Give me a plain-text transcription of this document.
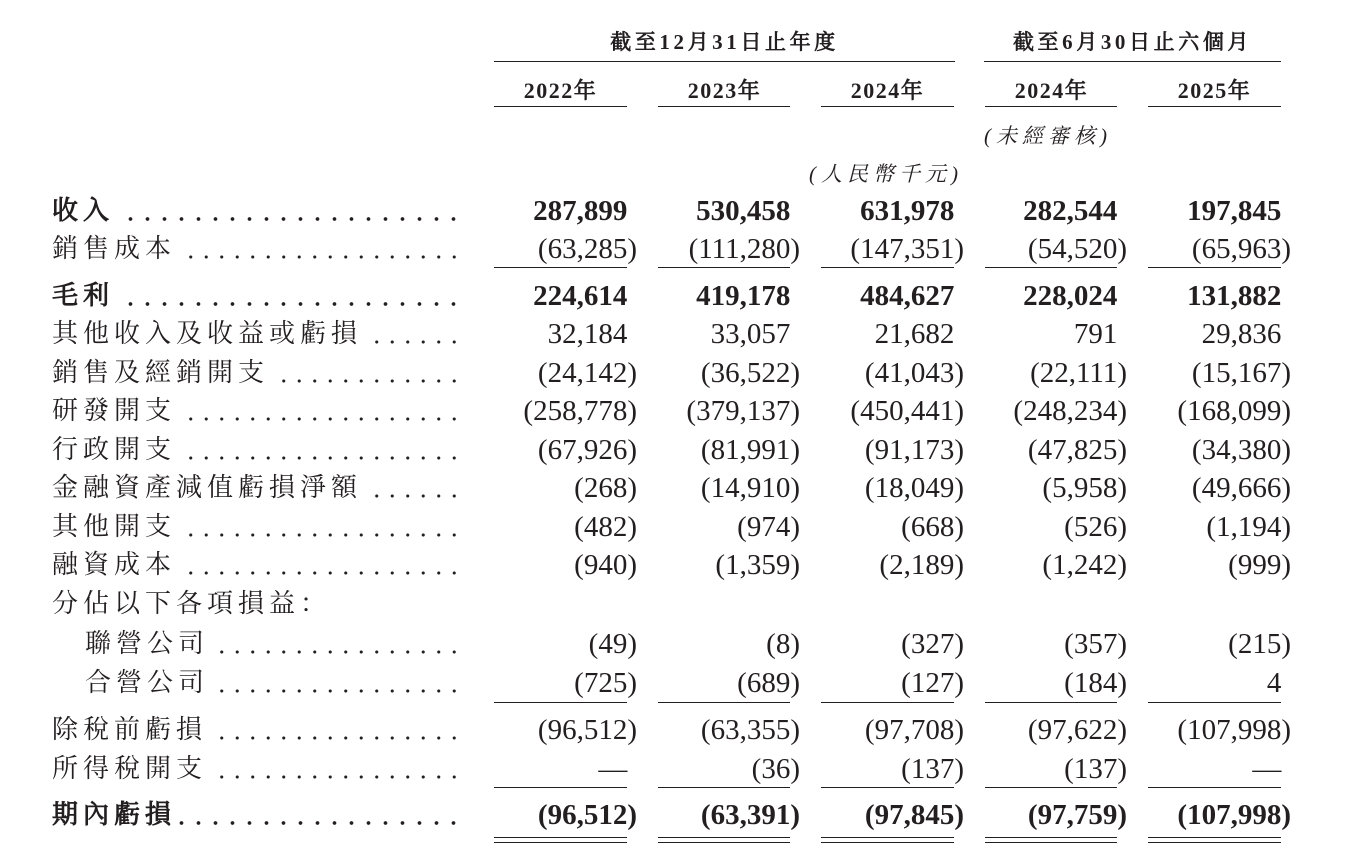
截至12月31日止年度	截至6月30日止六個月
2022年	2023年	2024年	2024年	2025年
(未經審核)
(人民幣千元)
收入	287,899	530,458	631,978	282,544	197,845
銷售成本	(63,285)	(111,280)	(147,351)	(54,520)	(65,963)
毛利	224,614	419,178	484,627	228,024	131,882
其他收入及收益或虧損	32,184	33,057	21,682	791	29,836
銷售及經銷開支	(24,142)	(36,522)	(41,043)	(22,111)	(15,167)
研發開支	(258,778)	(379,137)	(450,441)	(248,234)	(168,099)
行政開支	(67,926)	(81,991)	(91,173)	(47,825)	(34,380)
金融資產減值虧損淨額	(268)	(14,910)	(18,049)	(5,958)	(49,666)
其他開支	(482)	(974)	(668)	(526)	(1,194)
融資成本	(940)	(1,359)	(2,189)	(1,242)	(999)
分佔以下各項損益：
聯營公司	(49)	(8)	(327)	(357)	(215)
合營公司	(725)	(689)	(127)	(184)	4
除稅前虧損	(96,512)	(63,355)	(97,708)	(97,622)	(107,998)
所得稅開支	—	(36)	(137)	(137)	—
期內虧損	(96,512)	(63,391)	(97,845)	(97,759)	(107,998)
